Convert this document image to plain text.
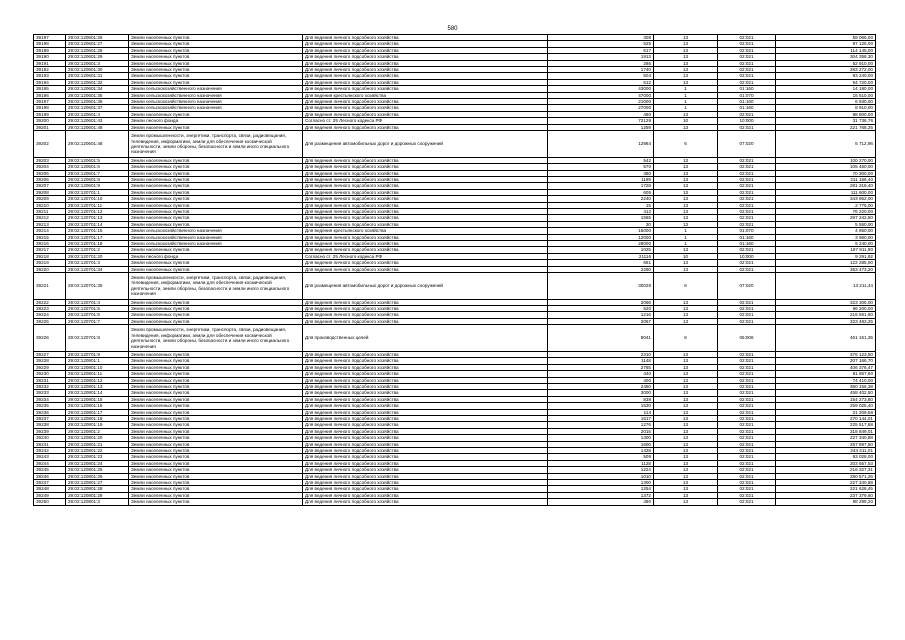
580
39197	29:02:120601:26	Земли населенных пунктов	Для ведения личного подсобного хозяйства	308	13	02:021	59 066,00
39198	29:02:120601:27	Земли населенных пунктов	Для ведения личного подсобного хозяйства	525	13	02:021	97 125,00
39189	29:02:120601:28	Земли населенных пунктов	Для ведения личного подсобного хозяйства	617	13	02:021	114 145,00
39190	29:02:120601:29	Земли населенных пунктов	Для ведения личного подсобного хозяйства	1913	13	02:021	304 358,30
39191	29:02:120601:3	Земли населенных пунктов	Для ведения личного подсобного хозяйства	286	13	02:021	52 910,00
39192	29:02:120601:30	Земли населенных пунктов	Для ведения личного подсобного хозяйства	1740	13	02:021	283 272,00
39193	29:02:120601:31	Земли населенных пунктов	Для ведения личного подсобного хозяйства	504	13	02:021	93 240,00
39194	29:02:120601:32	Земли населенных пунктов	Для ведения личного подсобного хозяйства	512	13	02:021	94 720,00
39195	29:02:120601:34	Земли сельскохозяйственного назначения	Для ведения личного подсобного хозяйства	43000	1	01:160	14 190,00
39196	29:02:120601:35	Земли сельскохозяйственного назначения	Для ведения крестьянского хозяйства	47000	1	01:070	15 510,00
39197	29:02:120601:36	Земли сельскохозяйственного назначения	Для ведения личного подсобного хозяйства	21000	1	01:160	6 930,00
39198	29:02:120601:37	Земли сельскохозяйственного назначения	Для ведения личного подсобного хозяйства	27000	1	01:160	8 910,00
39199	29:02:120601:4	Земли населенных пунктов	Для ведения личного подсобного хозяйства	480	13	02:021	88 800,00
39200	29:02:120601:43	Земли лесного фонда	Согласно ст. 25 Лесного кодекса РФ	72129	10	10:000	31 736,76
39201	29:02:120601:46	Земли населенных пунктов	Для ведения личного подсобного хозяйства	1259	13	02:021	221 768,25
39202	29:02:120601:48	Земли промышленности, энергетики, транспорта, связи, радиовещания, телевидения, информатики, земли для обеспечения космической деятельности, земли обороны, безопасности и земли иного специального назначения	Для размещения автомобильных дорог и дорожных сооружений	12984	6	07:020	5 712,96
39203	29:02:120601:5	Земли населенных пунктов	Для ведения личного подсобного хозяйства	542	13	02:021	100 270,00
39204	29:02:120601:6	Земли населенных пунктов	Для ведения личного подсобного хозяйства	570	13	02:021	105 450,00
39205	29:02:120601:7	Земли населенных пунктов	Для ведения личного подсобного хозяйства	380	13	02:021	70 300,00
39206	29:02:120601:8	Земли населенных пунктов	Для ведения личного подсобного хозяйства	1189	13	02:021	211 156,40
39207	29:02:120601:9	Земли населенных пунктов	Для ведения личного подсобного хозяйства	1728	13	02:021	281 318,40
39208	29:02:120701:1	Земли населенных пунктов	Для ведения личного подсобного хозяйства	605	13	02:021	111 600,00
39209	29:02:120701:10	Земли населенных пунктов	Для ведения личного подсобного хозяйства	2240	13	02:021	343 952,00
39210	29:02:120701:11	Земли населенных пунктов	Для ведения личного подсобного хозяйства	15	13	02:021	2 775,00
39211	29:02:120701:12	Земли населенных пунктов	Для ведения личного подсобного хозяйства	412	13	02:021	76 220,00
39212	29:02:120701:13	Земли населенных пунктов	Для ведения личного подсобного хозяйства	1565	13	02:021	267 242,50
39213	29:02:120701:14	Земли населенных пунктов	Для ведения личного подсобного хозяйства	30	13	02:021	5 550,00
39214	29:02:120701:15	Земли сельскохозяйственного назначения	Для ведения крестьянского хозяйства	15000	1	01:070	4 950,00
39215	29:02:120701:17	Земли сельскохозяйственного назначения	Для ведения личного подсобного хозяйства	12000	1	01:160	3 960,00
39216	29:02:120701:18	Земли сельскохозяйственного назначения	Для ведения личного подсобного хозяйства	28000	1	01:160	9 240,00
39217	29:02:120701:2	Земли населенных пунктов	Для ведения личного подсобного хозяйства	1025	13	02:021	187 911,90
39218	29:02:120701:20	Земли лесного фонда	Согласно ст. 25 Лесного кодекса РФ	21116	10	10:000	9 291,92
39219	29:02:120701:3	Земли населенных пунктов	Для ведения личного подсобного хозяйства	661	13	02:021	122 285,00
39220	29:02:120701:34	Земли населенных пунктов	Для ведения личного подсобного хозяйства	2290	13	02:021	353 473,20
39221	29:02:120701:35	Земли промышленности, энергетики, транспорта, связи, радиовещания, телевидения, информатики, земли для обеспечения космической деятельности, земли обороны, безопасности и земли иного специального назначения	Для размещения автомобильных дорог и дорожных сооружений	30026	6	07:020	13 211,44
39222	29:02:120701:4	Земли населенных пунктов	Для ведения личного подсобного хозяйства	2056	13	02:021	323 305,00
39223	29:02:120701:5	Земли населенных пунктов	Для ведения личного подсобного хозяйства	520	13	02:021	96 200,00
39224	29:02:120701:6	Земли населенных пунктов	Для ведения личного подсобного хозяйства	1216	13	02:021	215 561,60
39225	29:02:120701:7	Земли населенных пунктов	Для ведения личного подсобного хозяйства	2067	13	02:021	323 483,25
39226	29:02:120701:8	Земли промышленности, энергетики, транспорта, связи, радиовещания, телевидения, информатики, земли для обеспечения космической деятельности, земли обороны, безопасности и земли иного специального назначения	Для производственных целей	8041	6	06:006	461 151,35
39227	29:02:120701:9	Земли населенных пунктов	Для ведения личного подсобного хозяйства	2310	13	02:021	376 123,50
39228	29:02:120801:1	Земли населенных пунктов	Для ведения личного подсобного хозяйства	1148	13	02:021	207 166,70
39229	29:02:120801:10	Земли населенных пунктов	Для ведения личного подсобного хозяйства	2765	13	02:021	406 376,47
39230	29:02:120801:11	Земли населенных пунктов	Для ведения личного подсобного хозяйства	440	13	02:021	81 657,60
39231	29:02:120801:12	Земли населенных пунктов	Для ведения личного подсобного хозяйства	400	13	02:021	74 410,00
39232	29:02:120801:13	Земли населенных пунктов	Для ведения личного подсобного хозяйства	2450	13	02:021	360 156,38
39233	29:02:120801:14	Земли населенных пунктов	Для ведения личного подсобного хозяйства	3000	13	02:021	458 402,50
39234	29:02:120801:15	Земли населенных пунктов	Для ведения личного подсобного хозяйства	838	13	02:021	154 273,80
39235	29:02:120801:16	Земли населенных пунктов	Для ведения личного подсобного хозяйства	1530	13	02:021	259 025,40
39236	29:02:120801:17	Земли населенных пунктов	Для ведения личного подсобного хозяйства	114	13	02:021	21 209,58
39237	29:02:120801:18	Земли населенных пунктов	Для ведения личного подсобного хозяйства	1617	13	02:021	270 144,01
39238	29:02:120801:19	Земли населенных пунктов	Для ведения личного подсобного хозяйства	1276	13	02:021	225 517,68
39239	29:02:120801:2	Земли населенных пунктов	Для ведения личного подсобного хозяйства	2015	13	02:021	318 849,01
39240	29:02:120801:20	Земли населенных пунктов	Для ведения личного подсобного хозяйства	1300	13	02:021	227 340,88
39241	29:02:120801:21	Земли населенных пунктов	Для ведения личного подсобного хозяйства	1600	13	02:021	267 897,50
39242	29:02:120801:22	Земли населенных пунктов	Для ведения личного подсобного хозяйства	1428	13	02:021	244 411,01
39243	29:02:120801:23	Земли населенных пунктов	Для ведения личного подсобного хозяйства	509	13	02:021	93 028,00
39244	29:02:120801:24	Земли населенных пунктов	Для ведения личного подсобного хозяйства	1128	13	02:021	203 557,53
39245	29:02:120801:25	Земли населенных пунктов	Для ведения личного подсобного хозяйства	1224	13	02:021	216 327,31
39246	29:02:120801:26	Земли населенных пунктов	Для ведения личного подсобного хозяйства	1010	13	02:021	280 571,26
39247	29:02:120801:27	Земли населенных пунктов	Для ведения личного подсобного хозяйства	1300	13	02:021	227 340,88
39248	29:02:120801:28	Земли населенных пунктов	Для ведения личного подсобного хозяйства	1254	13	02:021	221 628,45
39249	29:02:120801:29	Земли населенных пунктов	Для ведения личного подсобного хозяйства	1372	13	02:021	237 379,60
39250	29:02:120801:3	Земли населенных пунктов	Для ведения личного подсобного хозяйства	480	13	02:021	88 299,20
